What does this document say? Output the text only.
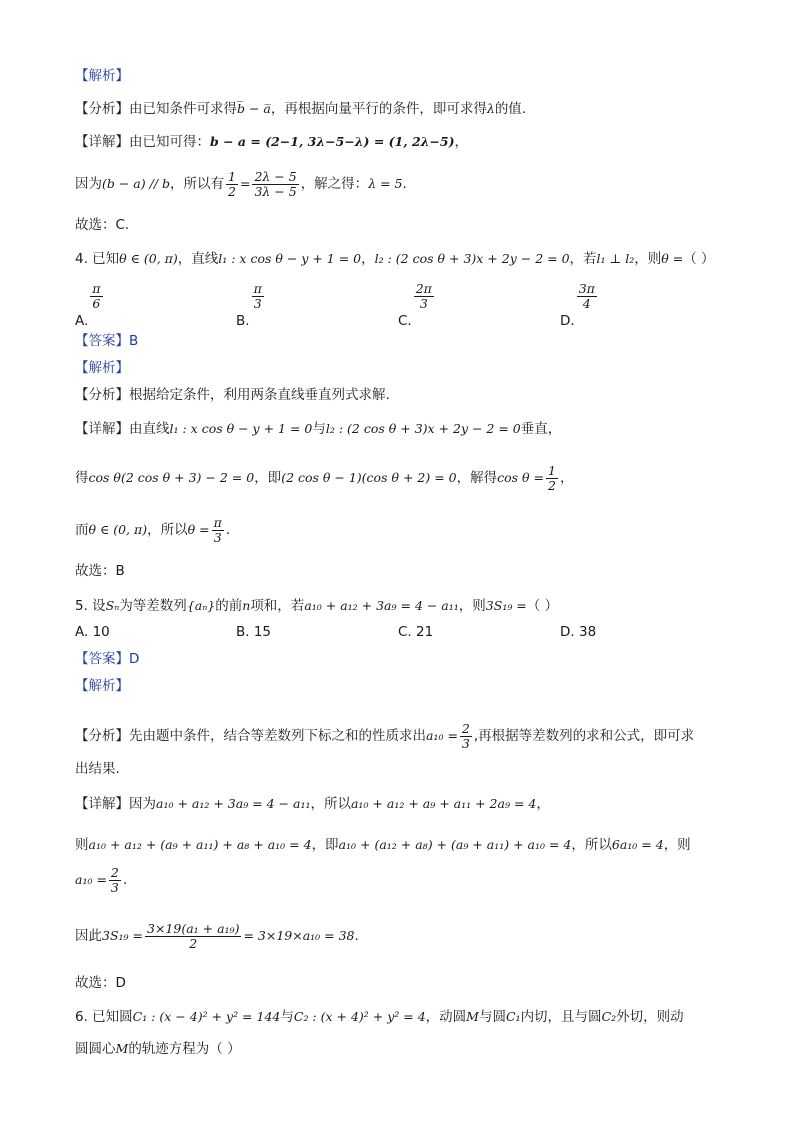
【解析】
【分析】由已知条件可求得b̅ − a̅，再根据向量平行的条件，即可求得λ的值.
【详解】由已知可得：b − a = (2−1, 3λ−5−λ) = (1, 2λ−5)，
因为(b − a) // b，所以有 $\frac{1}{2} = \frac{2\lambda - 5}{3\lambda - 5}$ ，解之得：λ = 5.
故选：C.
4. 已知θ ∈ (0, π)，直线l₁ : x cos θ − y + 1 = 0，l₂ : (2 cos θ + 3)x + 2y − 2 = 0，若l₁ ⊥ l₂，则θ =（ ）
A.
$\frac{\pi}{6}$
B.
$\frac{\pi}{3}$
C.
$\frac{2\pi}{3}$
D.
$\frac{3\pi}{4}$
【答案】B
【解析】
【分析】根据给定条件，利用两条直线垂直列式求解.
【详解】由直线l₁ : x cos θ − y + 1 = 0与l₂ : (2 cos θ + 3)x + 2y − 2 = 0垂直，
得cos θ(2 cos θ + 3) − 2 = 0，即(2 cos θ − 1)(cos θ + 2) = 0，解得$\cos \theta = \frac{1}{2}$ ，
而θ ∈ (0, π)，所以$\theta = \frac{\pi}{3}$ .
故选：B
5. 设Sₙ为等差数列{aₙ}的前n项和，若a₁₀ + a₁₂ + 3a₉ = 4 − a₁₁，则3S₁₉ =（ ）
A. 10	B. 15	C. 21	D. 38
【答案】D
【解析】
【分析】先由题中条件，结合等差数列下标之和的性质求出$a_{10} = \frac{2}{3}$ ,再根据等差数列的求和公式，即可求
出结果.
【详解】因为a₁₀ + a₁₂ + 3a₉ = 4 − a₁₁，所以a₁₀ + a₁₂ + a₉ + a₁₁ + 2a₉ = 4，
则a₁₀ + a₁₂ + (a₉ + a₁₁) + a₈ + a₁₀ = 4，即a₁₀ + (a₁₂ + a₈) + (a₉ + a₁₁) + a₁₀ = 4，所以6a₁₀ = 4，则
$a_{10} = \frac{2}{3}$ .
因此$3S_{19} = \frac{\text{3×19(a₁ + a₁₉)}}{2} = 3\times 19\times a_{10} = 38$.
故选：D
6. 已知圆C₁ : (x − 4)² + y² = 144与C₂ : (x + 4)² + y² = 4，动圆M与圆C₁内切，且与圆C₂外切，则动
圆圆心M的轨迹方程为（ ）
